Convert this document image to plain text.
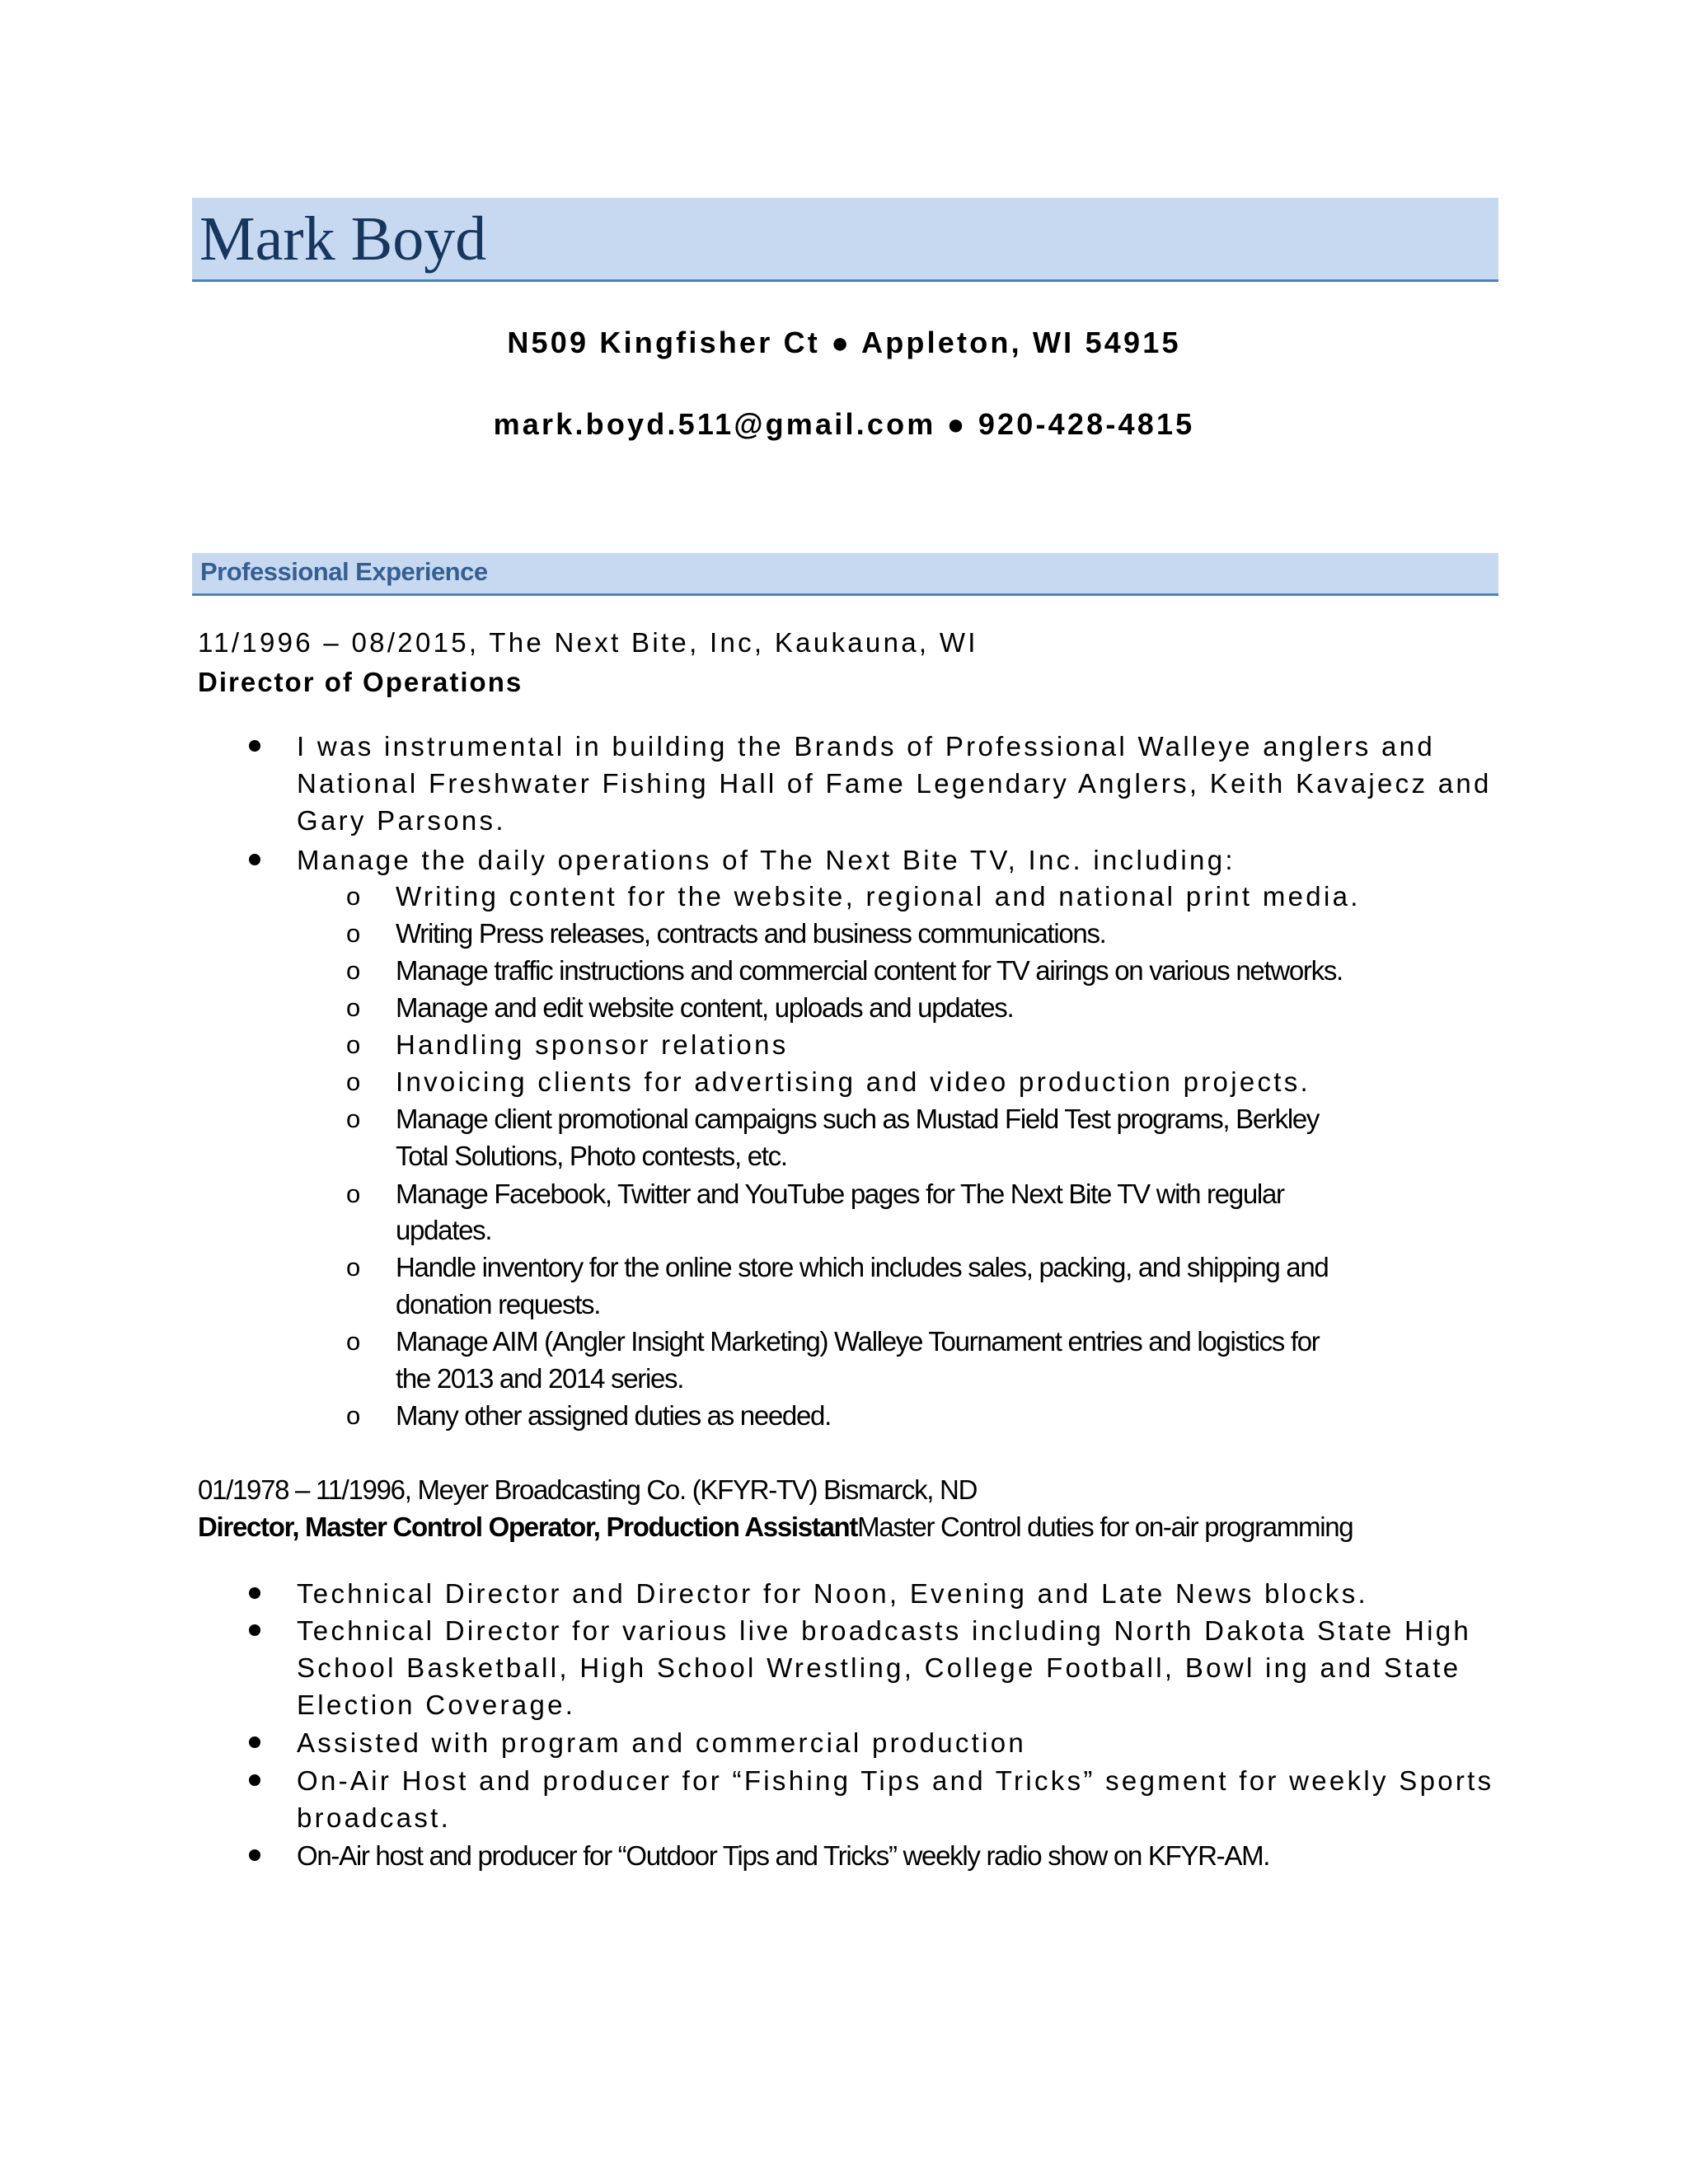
Mark Boyd
N509 Kingfisher Ct ● Appleton, WI 54915
mark.boyd.511@gmail.com ● 920-428-4815
Professional Experience
11/1996 – 08/2015, The Next Bite, Inc, Kaukauna, WI
Director of Operations
I was instrumental in building the Brands of Professional Walleye anglers and
National Freshwater Fishing Hall of Fame Legendary Anglers, Keith Kavajecz and
Gary Parsons.
Manage the daily operations of The Next Bite TV, Inc. including:
o Writing content for the website, regional and national print media.
o Writing Press releases, contracts and business communications.
o Manage traffic instructions and commercial content for TV airings on various networks.
o Manage and edit website content, uploads and updates.
o Handling sponsor relations
o Invoicing clients for advertising and video production projects.
o Manage client promotional campaigns such as Mustad Field Test programs, Berkley
Total Solutions, Photo contests, etc.
o Manage Facebook, Twitter and YouTube pages for The Next Bite TV with regular
updates.
o Handle inventory for the online store which includes sales, packing, and shipping and
donation requests.
o Manage AIM (Angler Insight Marketing) Walleye Tournament entries and logistics for
the 2013 and 2014 series.
o Many other assigned duties as needed.
01/1978 – 11/1996, Meyer Broadcasting Co. (KFYR-TV) Bismarck, ND
Director, Master Control Operator, Production AssistantMaster Control duties for on-air programming
Technical Director and Director for Noon, Evening and Late News blocks.
Technical Director for various live broadcasts including North Dakota State High
School Basketball, High School Wrestling, College Football, Bowl ing and State
Election Coverage.
Assisted with program and commercial production
On-Air Host and producer for “Fishing Tips and Tricks” segment for weekly Sports
broadcast.
On-Air host and producer for “Outdoor Tips and Tricks” weekly radio show on KFYR-AM.
